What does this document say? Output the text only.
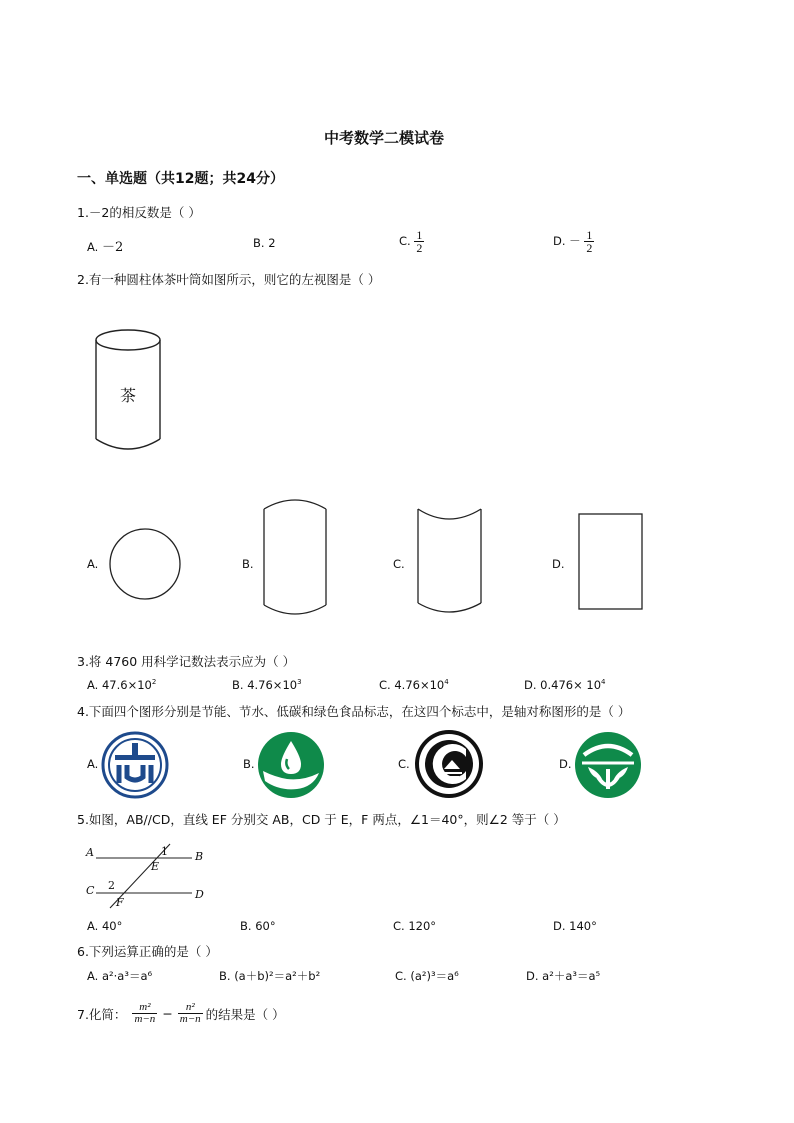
中考数学二模试卷
一、单选题（共12题；共24分）
1.－2的相反数是（ ）
A. －2	B. 2	C. $\frac{1}{2}$	D. － $\frac{1}{2}$
2.有一种圆柱体茶叶筒如图所示，则它的左视图是（ ）
茶
A.	B.	C.	D.
3.将 4760 用科学记数法表示应为（ ）
A. $47.6\times 10^2$	B. $4.76\times 10^3$	C. $4.76\times 10^4$	D. $0.476\times 10^4$
4.下面四个图形分别是节能、节水、低碳和绿色食品标志，在这四个标志中，是轴对称图形的是（ ）
A.	B.	C.	D.
5.如图，AB//CD，直线 EF 分别交 AB，CD 于 E，F 两点，∠1＝40°，则∠2 等于（ ）
A	B
C	D
E
F
1
2
A. 40°	B. 60°	C. 120°	D. 140°
6.下列运算正确的是（ ）
A. a²·a³＝a⁶	B. (a＋b)²＝a²＋b²	C. (a²)³＝a⁶	D. a²＋a³＝a⁵
7.化简： $\frac{\text{m²}}{m-n} - \frac{\text{n²}}{m-n}$ 的结果是（ ）
